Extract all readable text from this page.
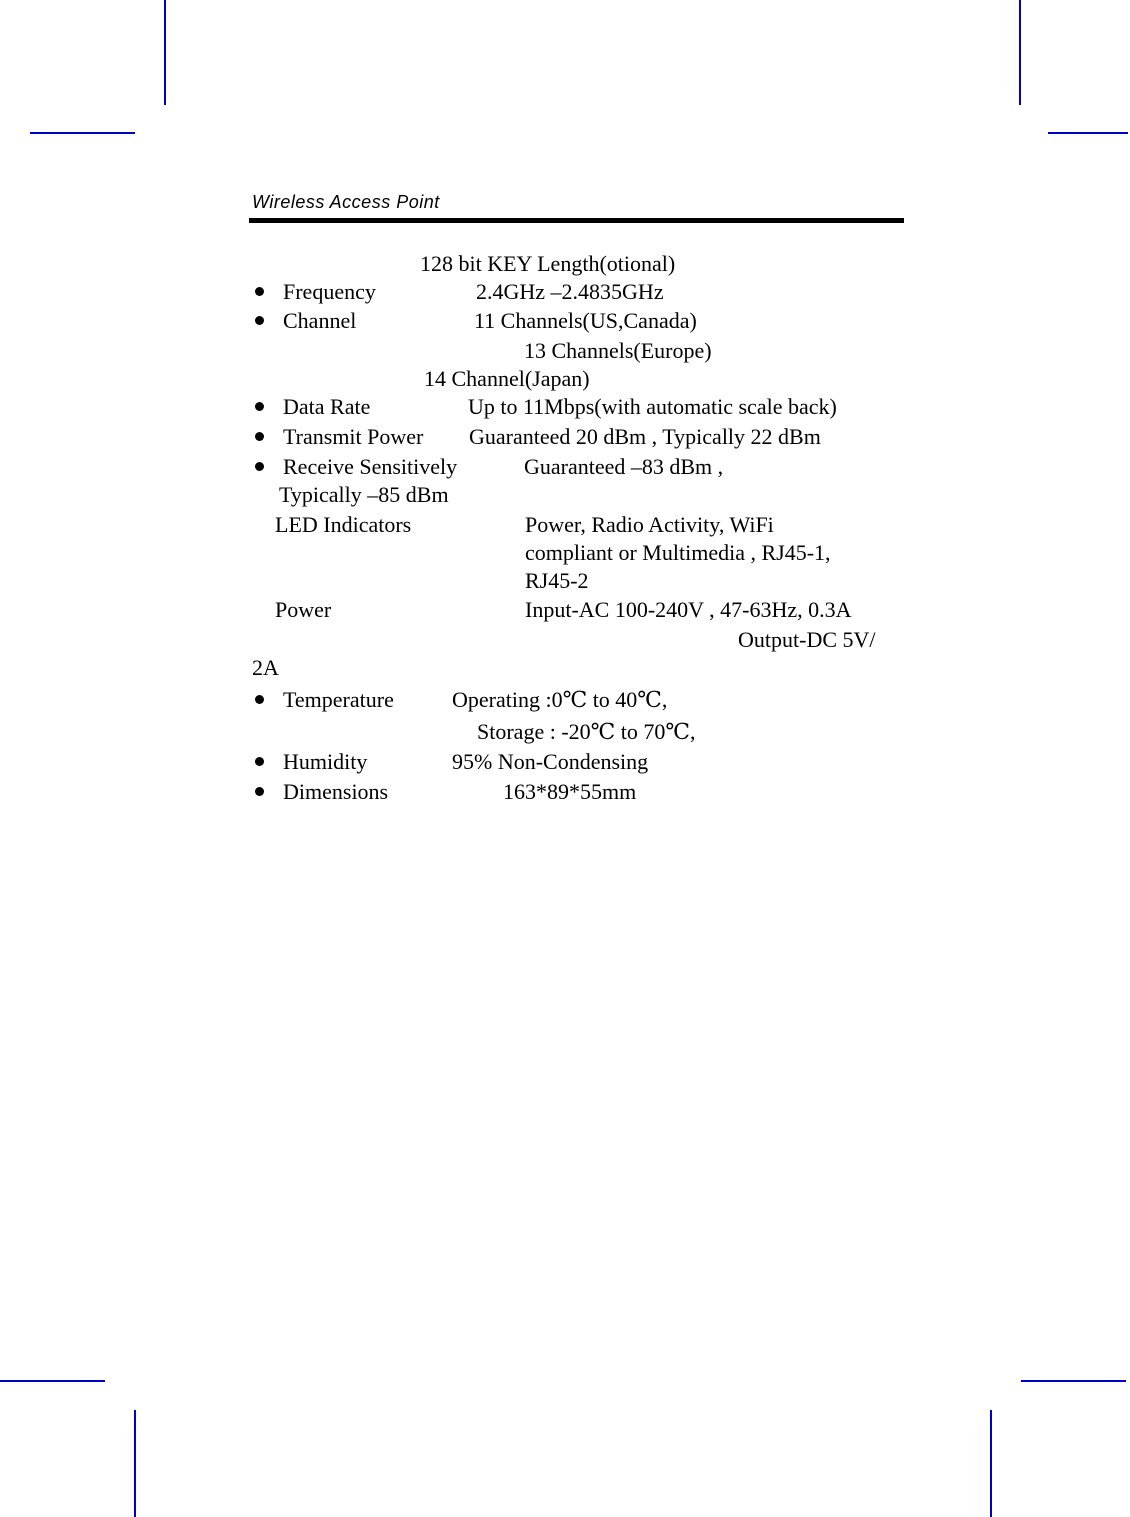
Wireless Access Point
128 bit KEY Length(otional)
Frequency	2.4GHz –2.4835GHz
Channel	11 Channels(US,Canada)
13 Channels(Europe)
14 Channel(Japan)
Data Rate	Up to 11Mbps(with automatic scale back)
Transmit Power Guaranteed 20 dBm , Typically 22 dBm
Receive Sensitively	Guaranteed –83 dBm ,
Typically –85 dBm
LED Indicators	Power, Radio Activity, WiFi
compliant or Multimedia , RJ45-1,
RJ45-2
Power	Input-AC 100-240V , 47-63Hz, 0.3A
Output-DC 5V/
2A
Temperature	Operating :0℃ to 40℃,
Storage : -20℃ to 70℃,
Humidity	95% Non-Condensing
Dimensions	163*89*55mm
